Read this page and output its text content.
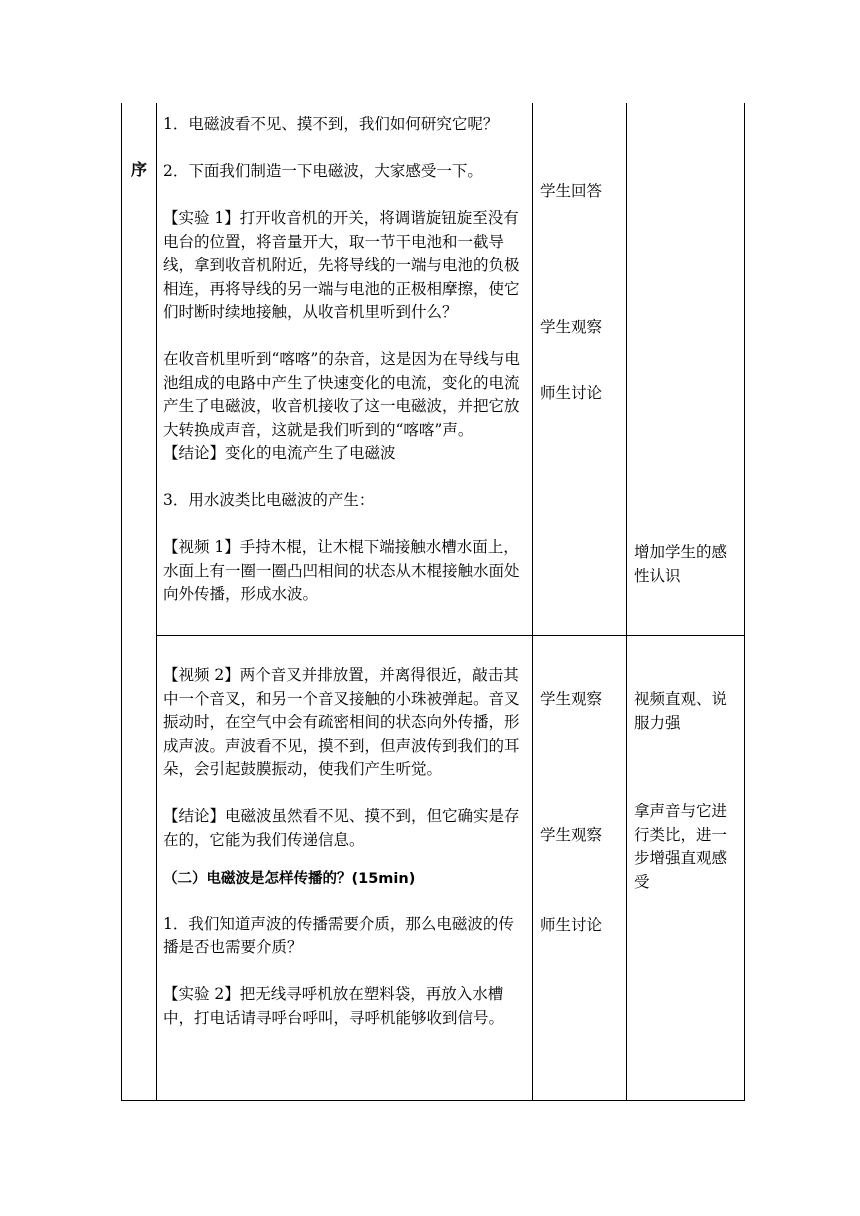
序

1．电磁波看不见、摸不到，我们如何研究它呢？

2．下面我们制造一下电磁波，大家感受一下。

【实验 1】打开收音机的开关，将调谐旋钮旋至没有电台的位置，将音量开大，取一节干电池和一截导线，拿到收音机附近，先将导线的一端与电池的负极相连，再将导线的另一端与电池的正极相摩擦，使它们时断时续地接触，从收音机里听到什么？

在收音机里听到“喀喀”的杂音，这是因为在导线与电池组成的电路中产生了快速变化的电流，变化的电流产生了电磁波，收音机接收了这一电磁波，并把它放大转换成声音，这就是我们听到的“喀喀”声。

【结论】变化的电流产生了电磁波

3．用水波类比电磁波的产生：

【视频 1】手持木棍，让木棍下端接触水槽水面上，水面上有一圈一圈凸凹相间的状态从木棍接触水面处向外传播，形成水波。

【视频 2】两个音叉并排放置，并离得很近，敲击其中一个音叉，和另一个音叉接触的小珠被弹起。音叉振动时，在空气中会有疏密相间的状态向外传播，形成声波。声波看不见，摸不到，但声波传到我们的耳朵，会引起鼓膜振动，使我们产生听觉。

【结论】电磁波虽然看不见、摸不到，但它确实是存在的，它能为我们传递信息。

（二）电磁波是怎样传播的？(15min)

1．我们知道声波的传播需要介质，那么电磁波的传播是否也需要介质？

【实验 2】把无线寻呼机放在塑料袋，再放入水槽中，打电话请寻呼台呼叫，寻呼机能够收到信号。

学生回答
学生观察
师生讨论
学生观察
学生观察
师生讨论
增加学生的感性认识
视频直观、说服力强
拿声音与它进行类比，进一步增强直观感受
